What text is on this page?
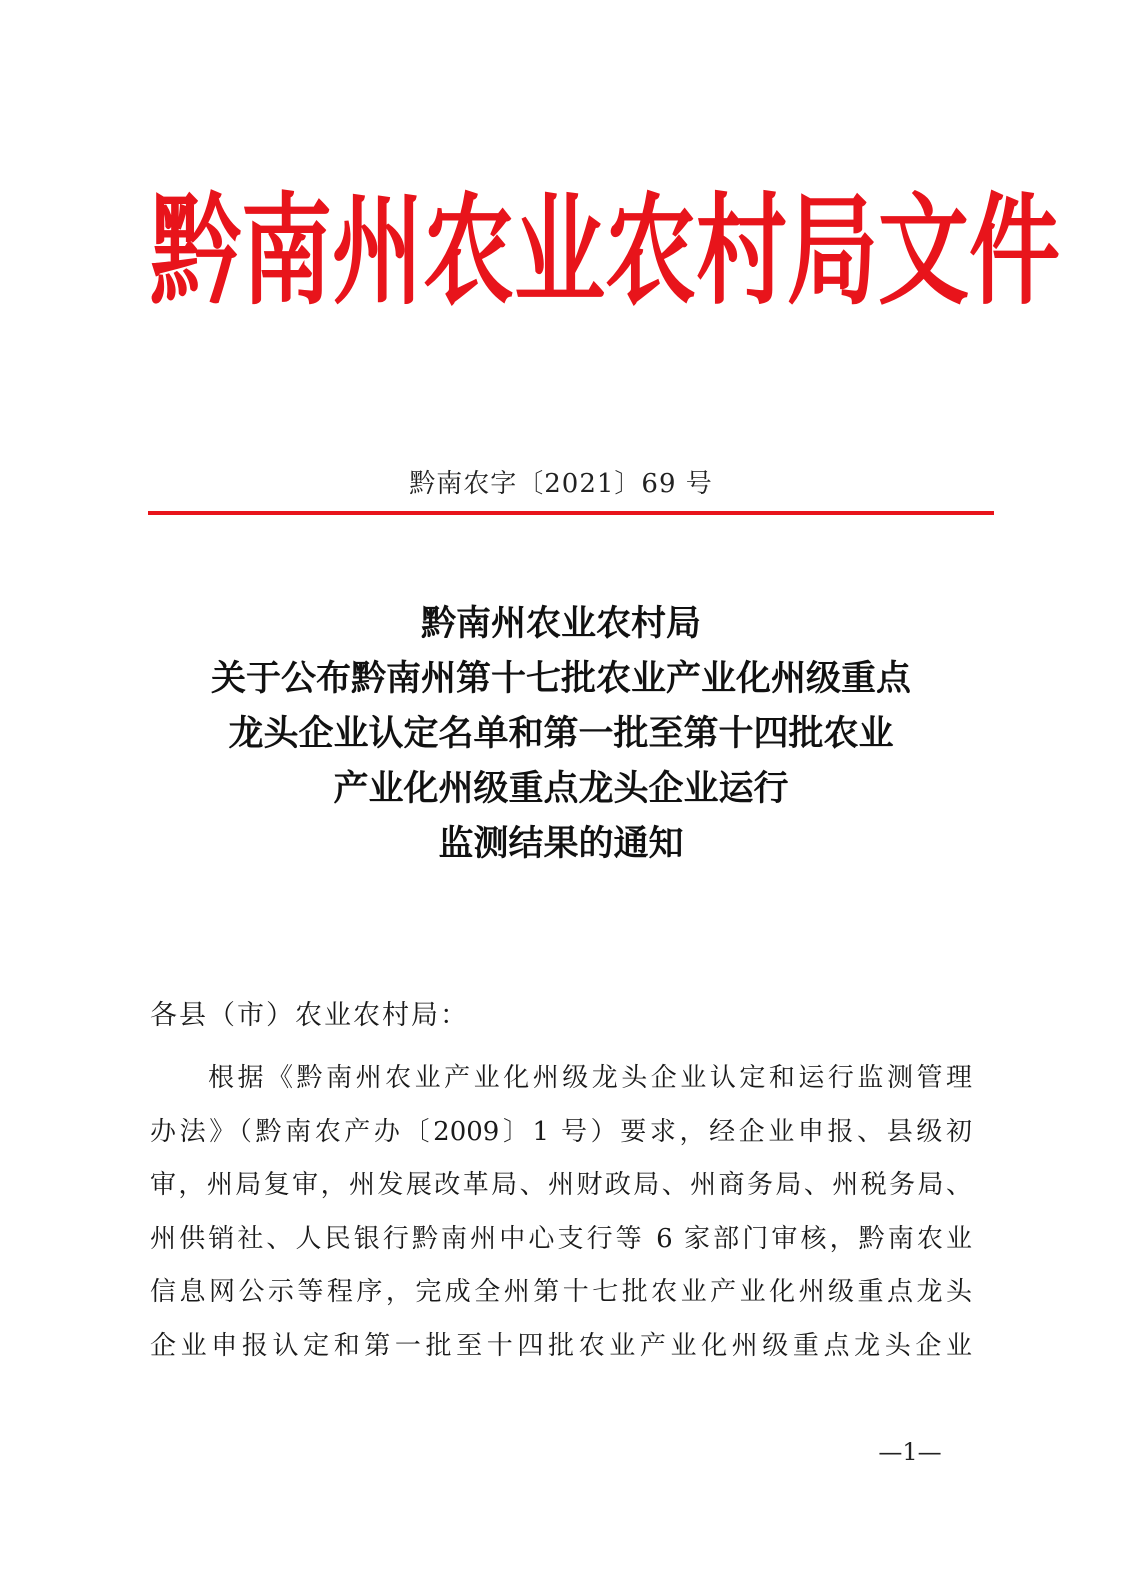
黔南州农业农村局文件
黔南农字〔2021〕69 号
黔南州农业农村局
关于公布黔南州第十七批农业产业化州级重点
龙头企业认定名单和第一批至第十四批农业
产业化州级重点龙头企业运行
监测结果的通知
各县（市）农业农村局：
根据《黔南州农业产业化州级龙头企业认定和运行监测管理
办法》（黔南农产办〔2009〕1 号）要求，经企业申报、县级初
审，州局复审，州发展改革局、州财政局、州商务局、州税务局、
州供销社、人民银行黔南州中心支行等 6 家部门审核，黔南农业
信息网公示等程序，完成全州第十七批农业产业化州级重点龙头
企业申报认定和第一批至十四批农业产业化州级重点龙头企业
—1—
